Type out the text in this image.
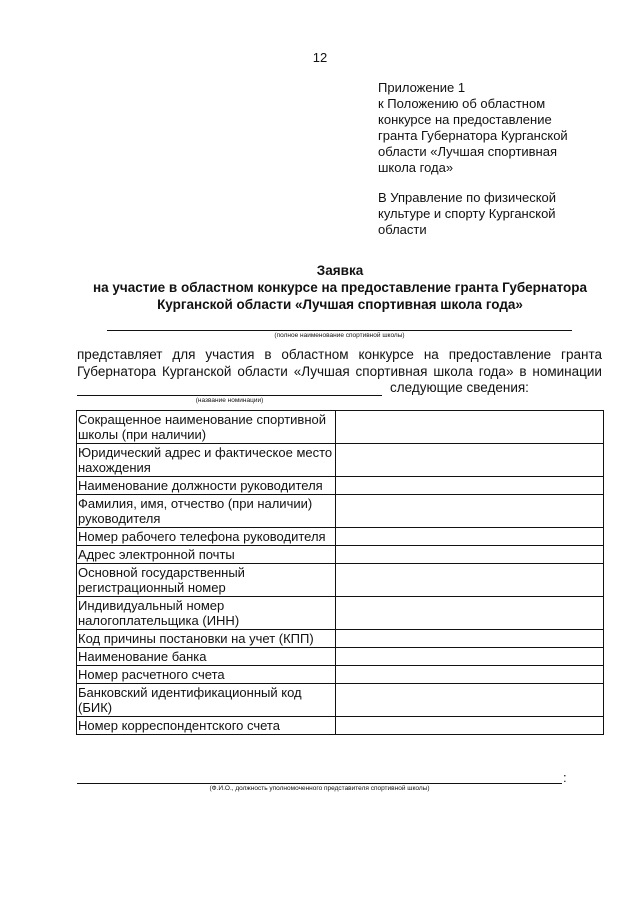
12
Приложение 1
к Положению об областном
конкурсе на предоставление
гранта Губернатора Курганской
области «Лучшая спортивная
школа года»
В Управление по физической
культуре и спорту Курганской
области
Заявка
на участие в областном конкурсе на предоставление гранта Губернатора
Курганской области «Лучшая спортивная школа года»
(полное наименование спортивной школы)
представляет для участия в областном конкурсе на предоставление гранта
Губернатора Курганской области «Лучшая спортивная школа года» в номинации
следующие сведения:
(название номинации)
Сокращенное наименование спортивной школы (при наличии)	
Юридический адрес и фактическое место нахождения	
Наименование должности руководителя	
Фамилия, имя, отчество (при наличии) руководителя	
Номер рабочего телефона руководителя	
Адрес электронной почты	
Основной государственный регистрационный номер	
Индивидуальный номер налогоплательщика (ИНН)	
Код причины постановки на учет (КПП)	
Наименование банка	
Номер расчетного счета	
Банковский идентификационный код (БИК)	
Номер корреспондентского счета	
:
(Ф.И.О., должность уполномоченного представителя спортивной школы)
